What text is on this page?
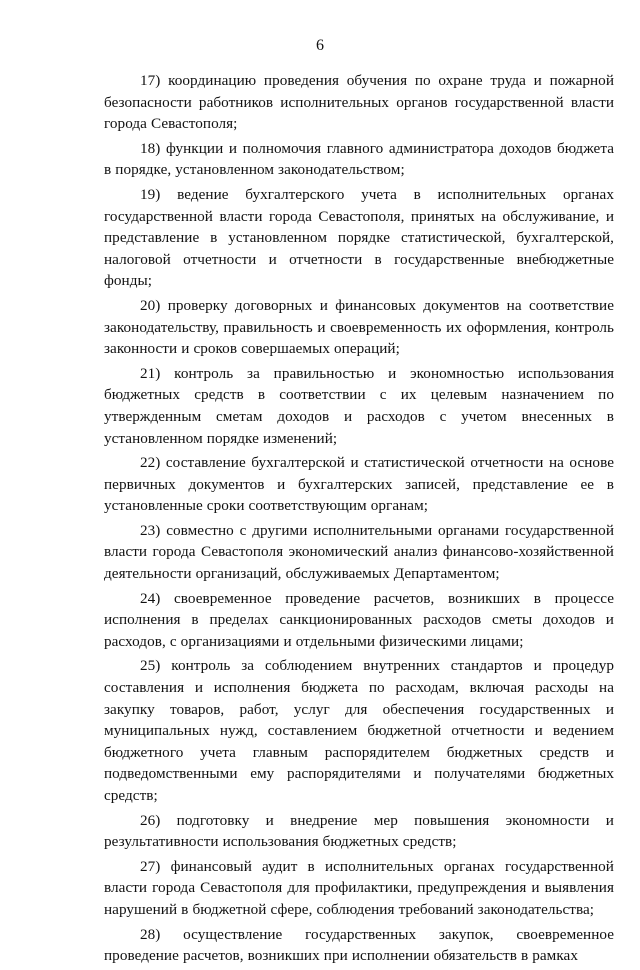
6

17) координацию проведения обучения по охране труда и пожарной безопасности работников исполнительных органов государственной власти города Севастополя;

18) функции и полномочия главного администратора доходов бюджета в порядке, установленном законодательством;

19) ведение бухгалтерского учета в исполнительных органах государственной власти города Севастополя, принятых на обслуживание, и представление в установленном порядке статистической, бухгалтерской, налоговой отчетности и отчетности в государственные внебюджетные фонды;

20) проверку договорных и финансовых документов на соответствие законодательству, правильность и своевременность их оформления, контроль законности и сроков совершаемых операций;

21) контроль за правильностью и экономностью использования бюджетных средств в соответствии с их целевым назначением по утвержденным сметам доходов и расходов с учетом внесенных в установленном порядке изменений;

22) составление бухгалтерской и статистической отчетности на основе первичных документов и бухгалтерских записей, представление ее в установленные сроки соответствующим органам;

23) совместно с другими исполнительными органами государственной власти города Севастополя экономический анализ финансово-хозяйственной деятельности организаций, обслуживаемых Департаментом;

24) своевременное проведение расчетов, возникших в процессе исполнения в пределах санкционированных расходов сметы доходов и расходов, с организациями и отдельными физическими лицами;

25) контроль за соблюдением внутренних стандартов и процедур составления и исполнения бюджета по расходам, включая расходы на закупку товаров, работ, услуг для обеспечения государственных и муниципальных нужд, составлением бюджетной отчетности и ведением бюджетного учета главным распорядителем бюджетных средств и подведомственными ему распорядителями и получателями бюджетных средств;

26) подготовку и внедрение мер повышения экономности и результативности использования бюджетных средств;

27) финансовый аудит в исполнительных органах государственной власти города Севастополя для профилактики, предупреждения и выявления нарушений в бюджетной сфере, соблюдения требований законодательства;

28) осуществление государственных закупок, своевременное проведение расчетов, возникших при исполнении обязательств в рамках
